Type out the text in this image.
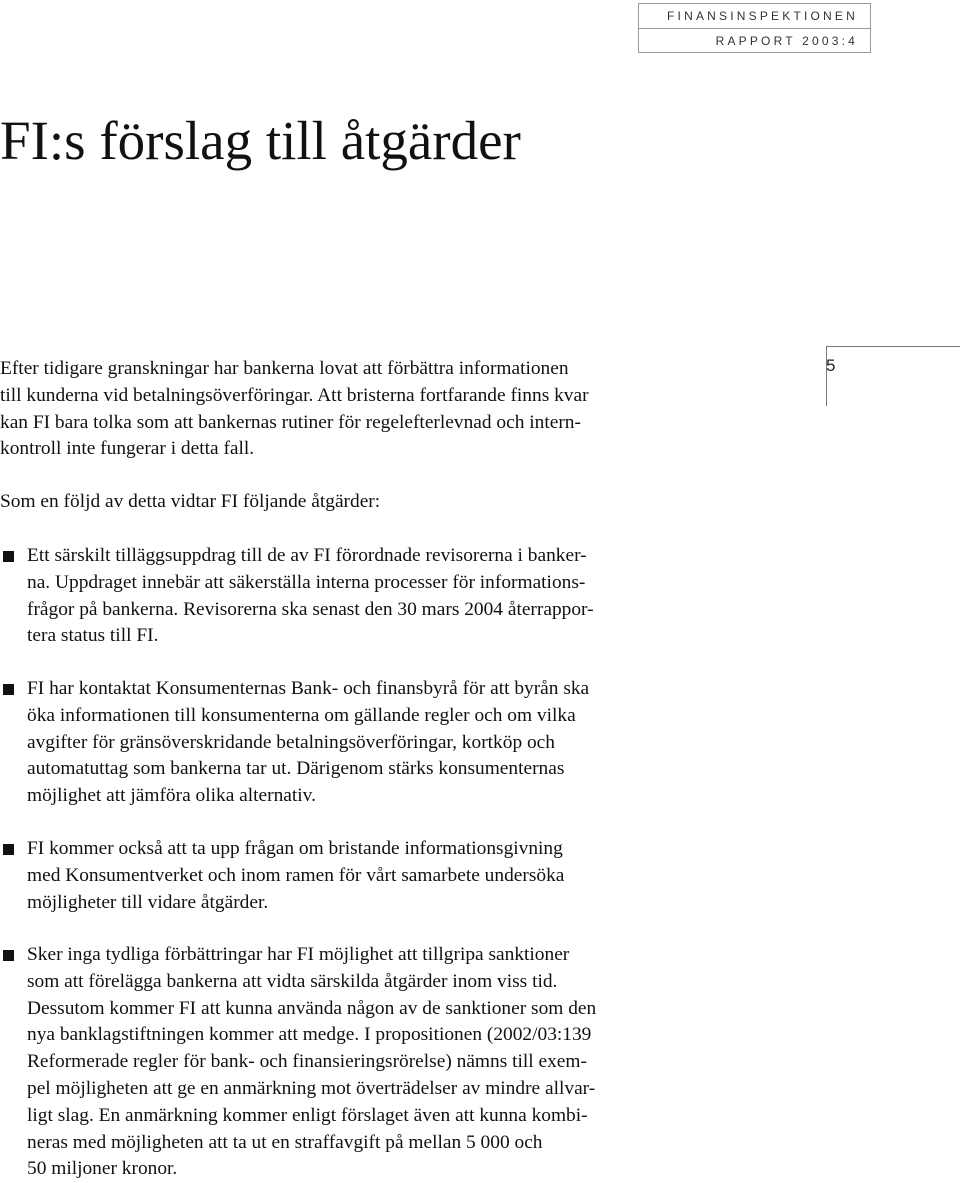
FINANSINSPEKTIONEN
RAPPORT 2003:4
FI:s förslag till åtgärder
5

Efter tidigare granskningar har bankerna lovat att förbättra informationen
till kunderna vid betalningsöverföringar. Att bristerna fortfarande finns kvar
kan FI bara tolka som att bankernas rutiner för regelefterlevnad och intern-
kontroll inte fungerar i detta fall.

Som en följd av detta vidtar FI följande åtgärder:

Ett särskilt tilläggsuppdrag till de av FI förordnade revisorerna i banker-
na. Uppdraget innebär att säkerställa interna processer för informations-
frågor på bankerna. Revisorerna ska senast den 30 mars 2004 återrappor-
tera status till FI.
FI har kontaktat Konsumenternas Bank- och finansbyrå för att byrån ska
öka informationen till konsumenterna om gällande regler och om vilka
avgifter för gränsöverskridande betalningsöverföringar, kortköp och
automatuttag som bankerna tar ut. Därigenom stärks konsumenternas
möjlighet att jämföra olika alternativ.
FI kommer också att ta upp frågan om bristande informationsgivning
med Konsumentverket och inom ramen för vårt samarbete undersöka
möjligheter till vidare åtgärder.
Sker inga tydliga förbättringar har FI möjlighet att tillgripa sanktioner
som att förelägga bankerna att vidta särskilda åtgärder inom viss tid.
Dessutom kommer FI att kunna använda någon av de sanktioner som den
nya banklagstiftningen kommer att medge. I propositionen (2002/03:139
Reformerade regler för bank- och finansieringsrörelse) nämns till exem-
pel möjligheten att ge en anmärkning mot överträdelser av mindre allvar-
ligt slag. En anmärkning kommer enligt förslaget även att kunna kombi-
neras med möjligheten att ta ut en straffavgift på mellan 5 000 och
50 miljoner kronor.
